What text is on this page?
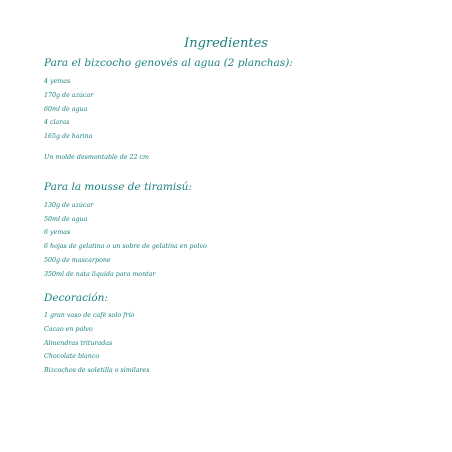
Ingredientes
Para el bizcocho genovés al agua (2 planchas):
4 yemas
170g de azúcar
60ml de agua
4 claras
165g de harina
Un molde desmontable de 22 cm
Para la mousse de tiramisú:
130g de azúcar
50ml de agua
6 yemas
6 hojas de gelatina o un sobre de gelatina en polvo
500g de mascarpone
350ml de nata líquida para montar
Decoración:
1 gran vaso de café solo frío
Cacao en polvo
Almendras trituradas
Chocolate blanco
Bizcochos de soletilla o similares
